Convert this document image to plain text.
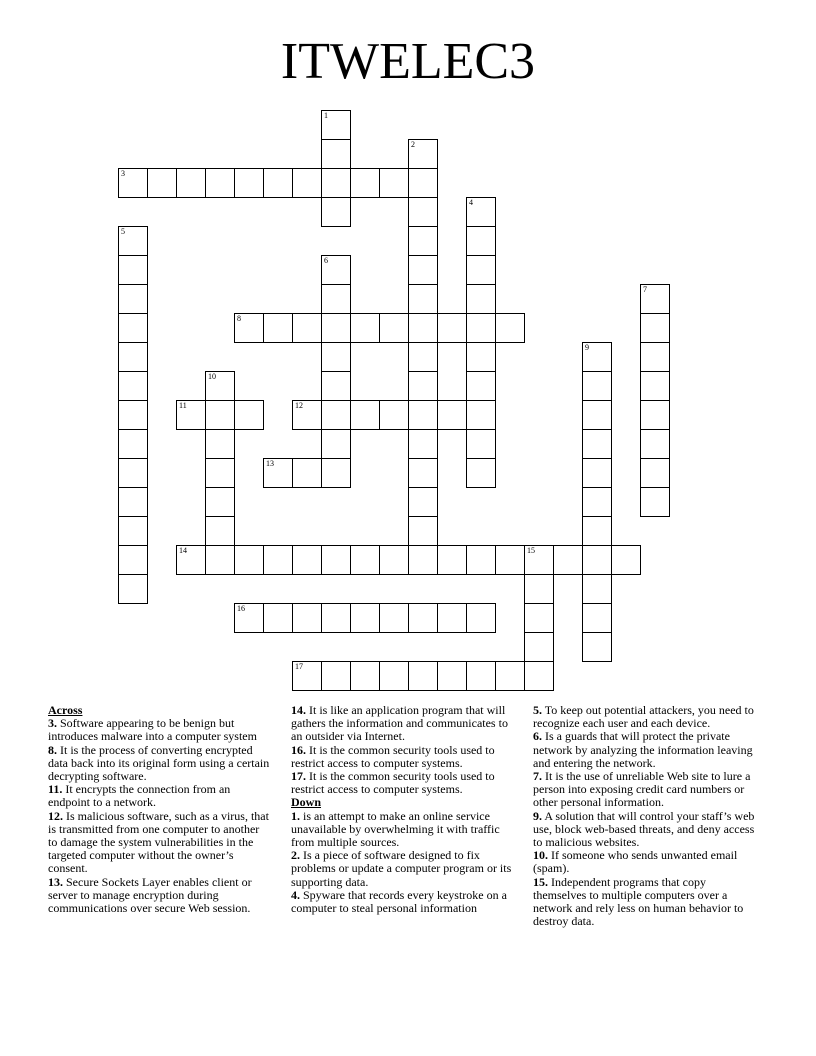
ITWELEC3
1
2
3
4
5
6
7
8
9
10
11	12
13
14	15
16
17
Across
3. Software appearing to be benign but introduces malware into a computer system
8. It is the process of converting encrypted data back into its original form using a certain decrypting software.
11. It encrypts the connection from an endpoint to a network.
12. Is malicious software, such as a virus, that is transmitted from one computer to another to damage the system vulnerabilities in the targeted computer without the owner’s consent.
13. Secure Sockets Layer enables client or server to manage encryption during communications over secure Web session.
14. It is like an application program that will gathers the information and communicates to an outsider via Internet.
16. It is the common security tools used to restrict access to computer systems.
17. It is the common security tools used to restrict access to computer systems.
Down
1. is an attempt to make an online service unavailable by overwhelming it with traffic from multiple sources.
2. Is a piece of software designed to fix problems or update a computer program or its supporting data.
4. Spyware that records every keystroke on a computer to steal personal information
5. To keep out potential attackers, you need to recognize each user and each device.
6. Is a guards that will protect the private network by analyzing the information leaving and entering the network.
7. It is the use of unreliable Web site to lure a person into exposing credit card numbers or other personal information.
9. A solution that will control your staff’s web use, block web-based threats, and deny access to malicious websites.
10. If someone who sends unwanted email (spam).
15. Independent programs that copy themselves to multiple computers over a network and rely less on human behavior to destroy data.
